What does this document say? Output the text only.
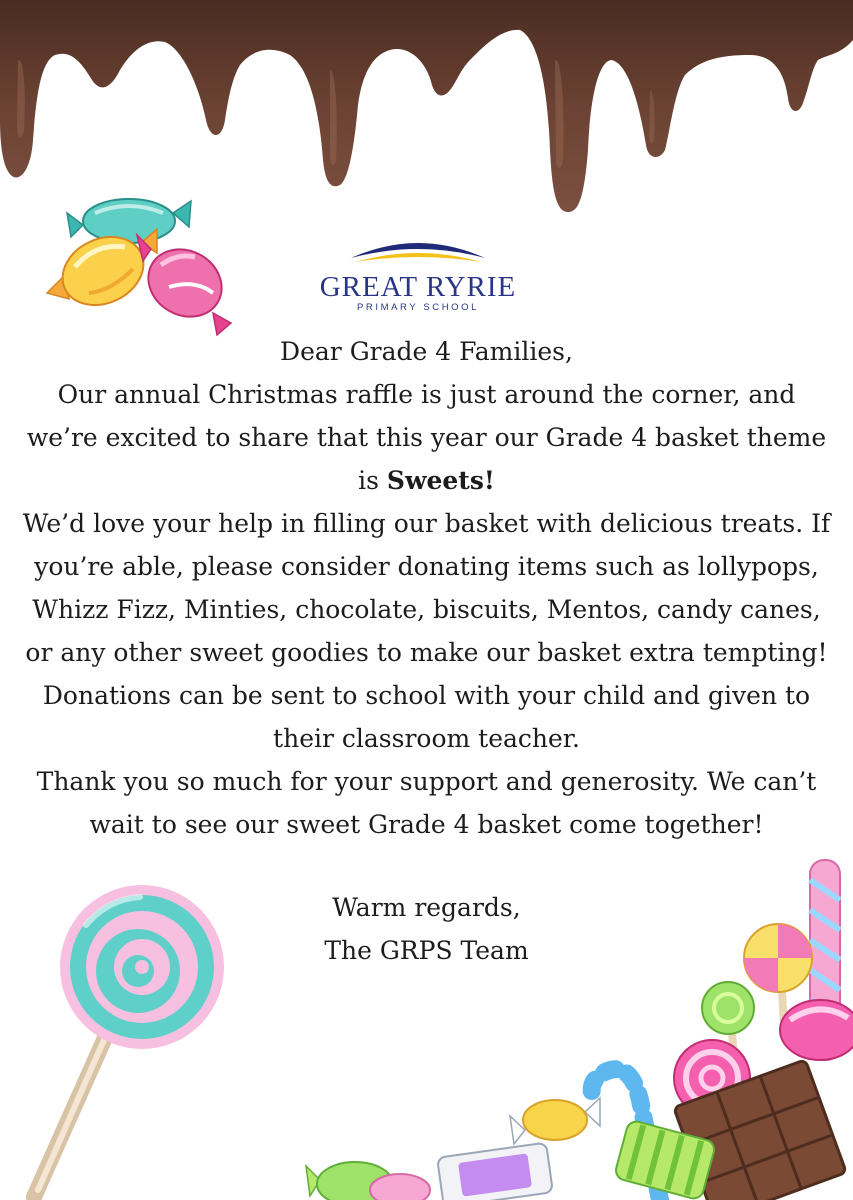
GREAT RYRIE
PRIMARY SCHOOL

Dear Grade 4 Families,

Our annual Christmas raffle is just around the corner, and we’re excited to share that this year our Grade 4 basket theme is Sweets!

We’d love your help in filling our basket with delicious treats. If you’re able, please consider donating items such as lollypops, Whizz Fizz, Minties, chocolate, biscuits, Mentos, candy canes, or any other sweet goodies to make our basket extra tempting!

Donations can be sent to school with your child and given to their classroom teacher.

Thank you so much for your support and generosity. We can’t wait to see our sweet Grade 4 basket come together!

Warm regards,

The GRPS Team
